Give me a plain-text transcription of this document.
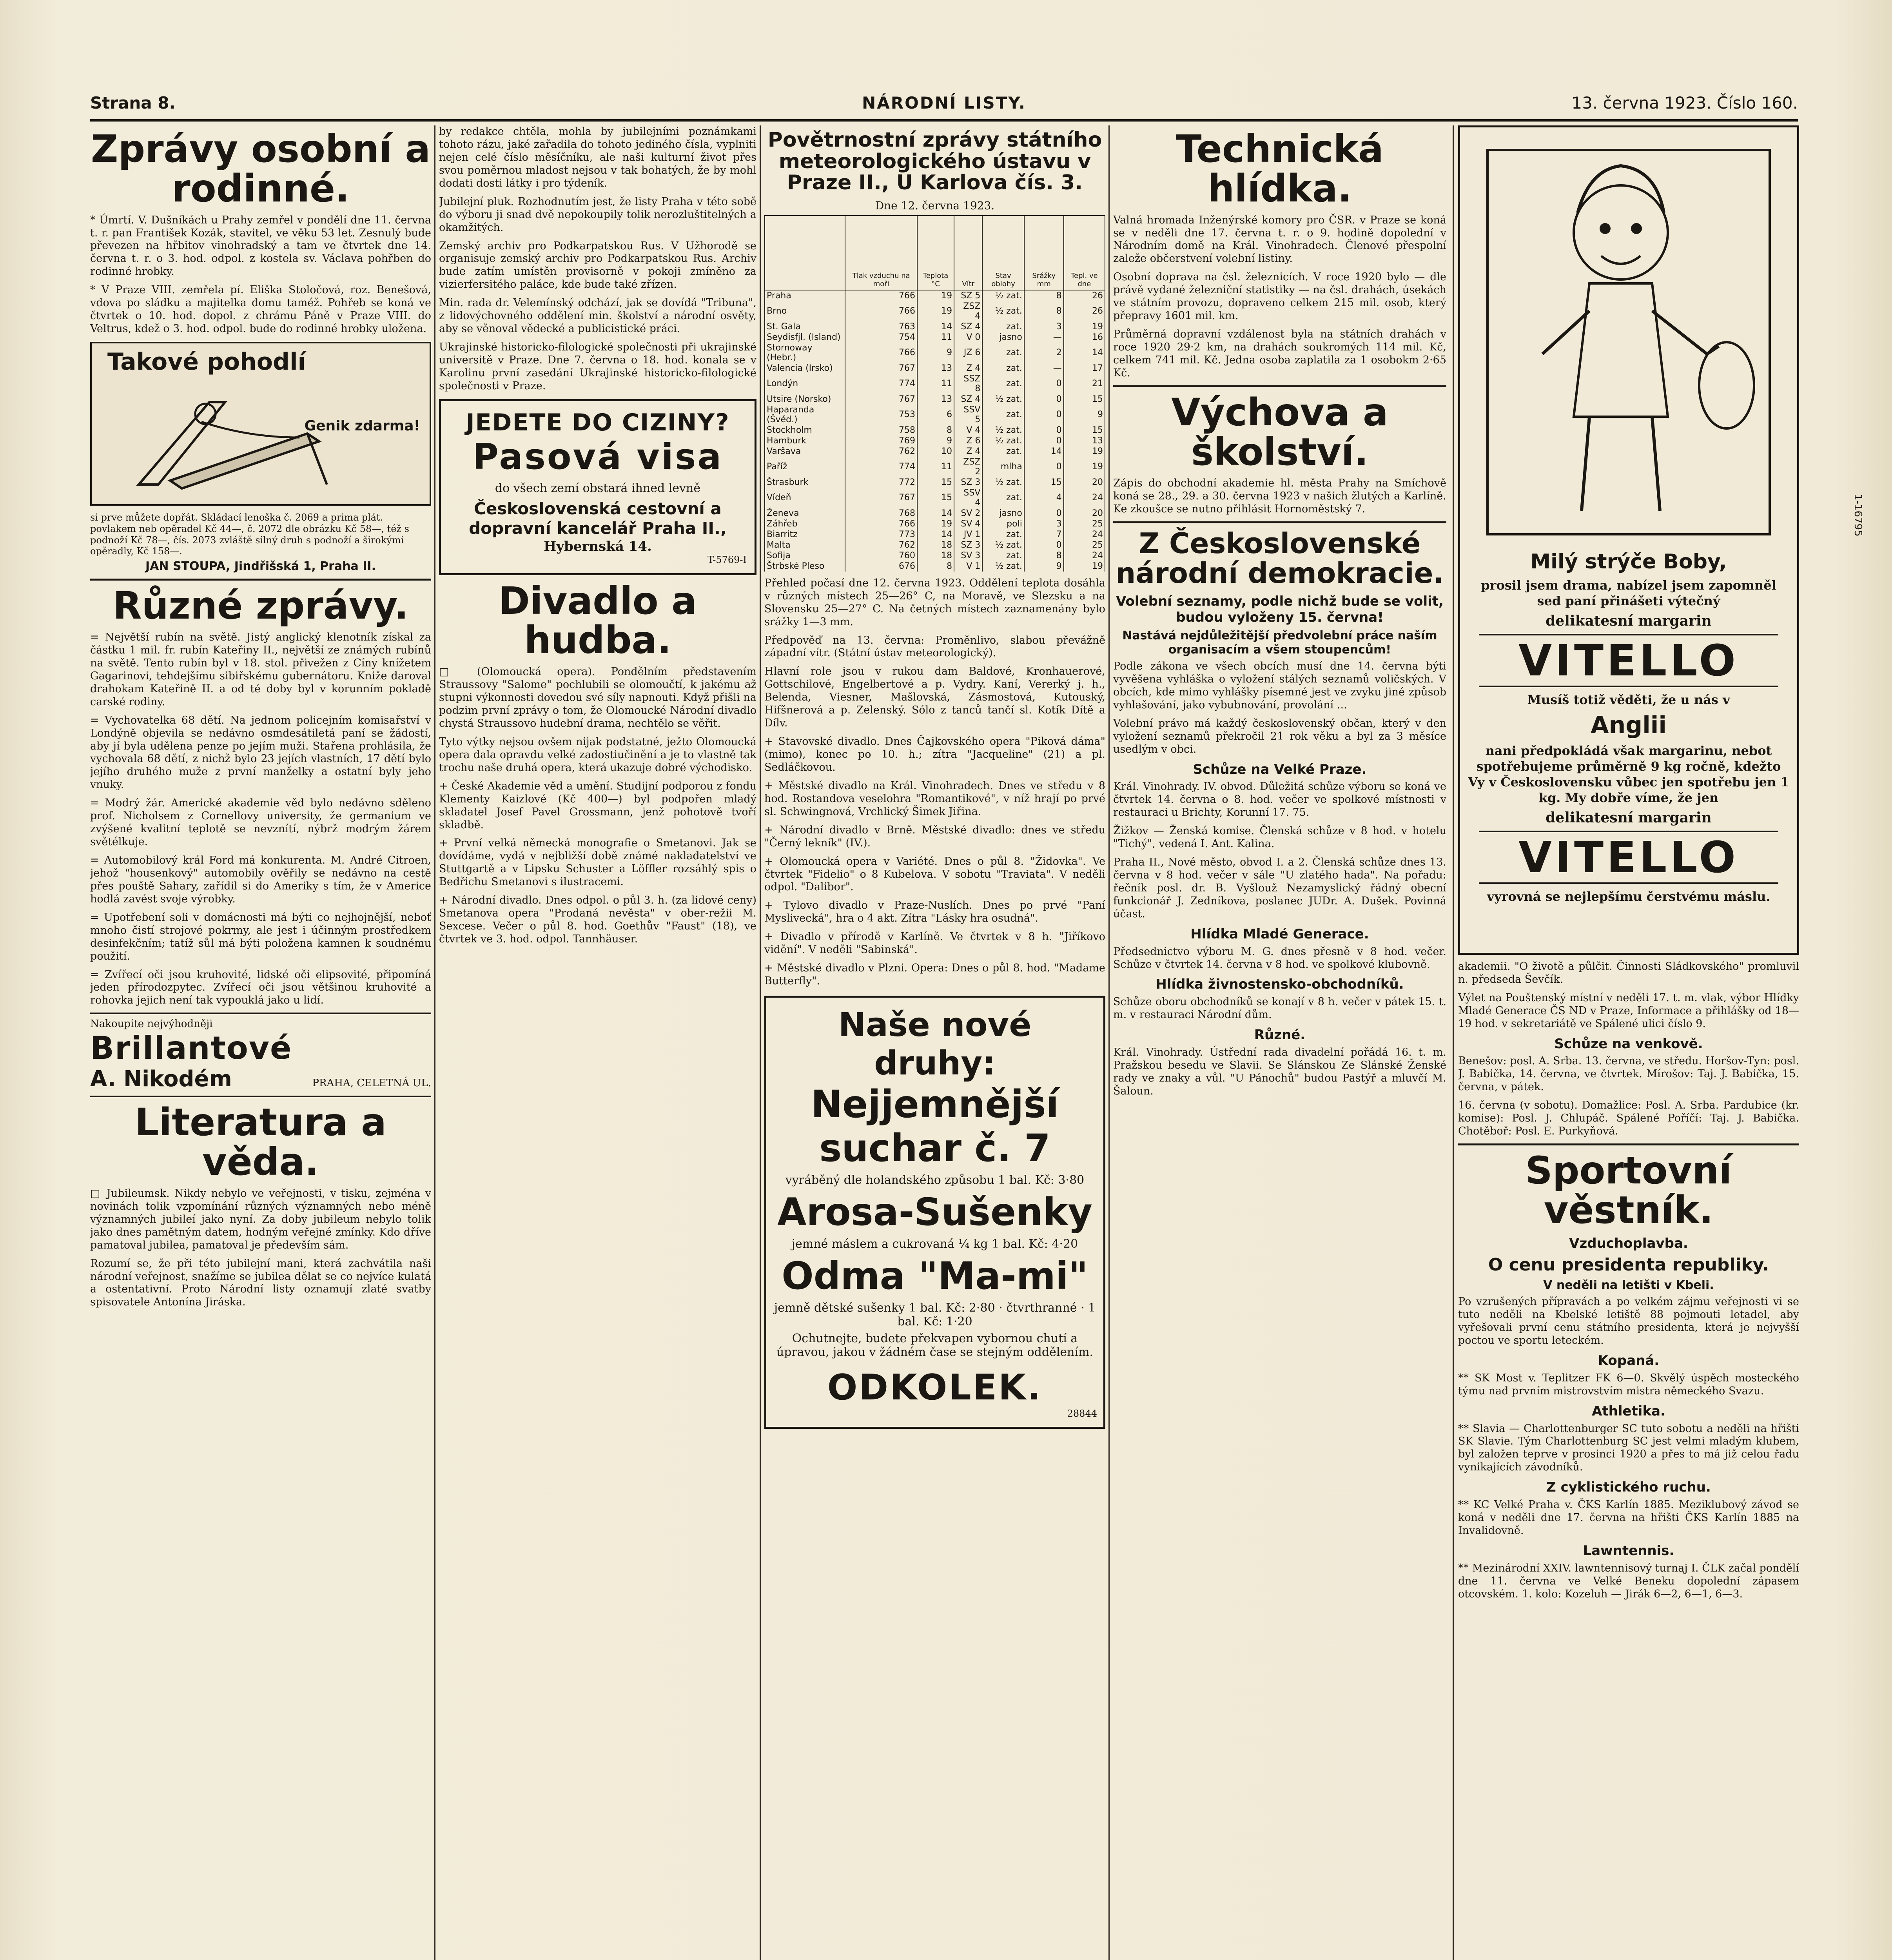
Strana 8.	NÁRODNÍ LISTY.	13. června 1923. Číslo 160.
Zprávy osobní a rodinné.

* Úmrtí. V. Dušníkách u Prahy zemřel v pondělí dne 11. června t. r. pan František Kozák, stavitel, ve věku 53 let. Zesnulý bude převezen na hřbitov vinohradský a tam ve čtvrtek dne 14. června t. r. o 3. hod. odpol. z kostela sv. Václava pohřben do rodinné hrobky.

* V Praze VIII. zemřela pí. Eliška Stoločová, roz. Benešová, vdova po sládku a majitelka domu taméž. Pohřeb se koná ve čtvrtek o 10. hod. dopol. z chrámu Páně v Praze VIII. do Veltrus, kdež o 3. hod. odpol. bude do rodinné hrobky uložena.

Takové pohodlí
Genik zdarma!

si prve můžete dopřát. Skládací lenoška č. 2069 a prima plát. povlakem neb opěradel Kč 44—, č. 2072 dle obrázku Kč 58—, též s podnoží Kč 78—, čís. 2073 zvláště silný druh s podnoží a širokými opěradly, Kč 158—.

JAN STOUPA, Jindřišská 1, Praha II.
Různé zprávy.

= Největší rubín na světě. Jistý anglický klenotník získal za částku 1 mil. fr. rubín Kateřiny II., největší ze známých rubínů na světě. Tento rubín byl v 18. stol. přivežen z Cíny knížetem Gagarinovi, tehdejšímu sibiřskému gubernátoru. Kniže daroval drahokam Kateřině II. a od té doby byl v korunním pokladě carské rodiny.

= Vychovatelka 68 dětí. Na jednom policejním komisařství v Londýně objevila se nedávno osmdesátiletá paní se žádostí, aby jí byla udělena penze po jejím muži. Stařena prohlásila, že vychovala 68 dětí, z nichž bylo 23 jejích vlastních, 17 dětí bylo jejího druhého muže z první manželky a ostatní byly jeho vnuky.

= Modrý žár. Americké akademie věd bylo nedávno sděleno prof. Nicholsem z Cornellovy university, že germanium ve zvýšené kvalitní teplotě se nevznítí, nýbrž modrým žárem světélkuje.

= Automobilový král Ford má konkurenta. M. André Citroen, jehož "housenkový" automobily ověřily se nedávno na cestě přes pouště Sahary, zařídil si do Ameriky s tím, že v Americe hodlá zavést svoje výrobky.

= Upotřebení soli v domácnosti má býti co nejhojnější, neboť mnoho čistí strojové pokrmy, ale jest i účinným prostředkem desinfekčním; tatíž sůl má býti položena kamnen k soudnému použití.

= Zvířecí oči jsou kruhovité, lidské oči elipsovité, připomíná jeden přírodozpytec. Zvířecí oči jsou většinou kruhovité a rohovka jejich není tak vypouklá jako u lidí.

Nakoupíte nejvýhodněji
Brillantové
A. Nikodém	PRAHA, CELETNÁ UL.
Literatura a věda.

□ Jubileumsk. Nikdy nebylo ve veřejnosti, v tisku, zejména v novinách tolik vzpomínání různých významných nebo méně významných jubileí jako nyní. Za doby jubileum nebylo tolik jako dnes pamětným datem, hodným veřejné zmínky. Kdo dříve pamatoval jubilea, pamatoval je především sám.

Rozumí se, že při této jubilejní mani, která zachvátila naši národní veřejnost, snažíme se jubilea dělat se co nejvíce kulatá a ostentativní. Proto Národní listy oznamují zlaté svatby spisovatele Antonína Jiráska.

by redakce chtěla, mohla by jubilejními poznámkami tohoto rázu, jaké zařadila do tohoto jediného čísla, vyplniti nejen celé číslo měsíčníku, ale naši kulturní život přes svou poměrnou mladost nejsou v tak bohatých, že by mohl dodati dosti látky i pro týdeník.

Jubilejní pluk. Rozhodnutím jest, že listy Praha v této sobě do výboru ji snad dvě nepokoupily tolik nerozluštitelných a okamžitých.

Zemský archiv pro Podkarpatskou Rus. V Užhorodě se organisuje zemský archiv pro Podkarpatskou Rus. Archiv bude zatím umístěn provisorně v pokoji zmíněno za vizierfersitého paláce, kde bude také zřízen.

Min. rada dr. Velemínský odchází, jak se dovídá "Tribuna", z lidovýchovného oddělení min. školství a národní osvěty, aby se věnoval vědecké a publicistické práci.

Ukrajinské historicko-filologické společnosti při ukrajinské universitě v Praze. Dne 7. června o 18. hod. konala se v Karolinu první zasedání Ukrajinské historicko-filologické společnosti v Praze.

JEDETE DO CIZINY?
Pasová visa
do všech zemí obstará ihned levně
Československá cestovní a dopravní kancelář Praha II.,
Hybernská 14.
T-5769-I
Divadlo a hudba.

□ (Olomoucká opera). Pondělním představením Straussovy "Salome" pochlubili se olomoučtí, k jakému až stupni výkonnosti dovedou své síly napnouti. Když přišli na podzim první zprávy o tom, že Olomoucké Národní divadlo chystá Straussovo hudební drama, nechtělo se věřit.

Tyto výtky nejsou ovšem nijak podstatné, ježto Olomoucká opera dala opravdu velké zadostiučinění a je to vlastně tak trochu naše druhá opera, která ukazuje dobré východisko.

+ České Akademie věd a umění. Studijní podporou z fondu Klementy Kaizlové (Kč 400—) byl podpořen mladý skladatel Josef Pavel Grossmann, jenž pohotově tvoří skladbě.

+ První velká německá monografie o Smetanovi. Jak se dovídáme, vydá v nejbližší době známé nakladatelství ve Stuttgartě a v Lipsku Schuster a Löffler rozsáhlý spis o Bedřichu Smetanovi s ilustracemi.

+ Národní divadlo. Dnes odpol. o půl 3. h. (za lidové ceny) Smetanova opera "Prodaná nevěsta" v ober-režii M. Sexcese. Večer o půl 8. hod. Goethův "Faust" (18), ve čtvrtek ve 3. hod. odpol. Tannhäuser.

Povětrnostní zprávy státního meteorologického ústavu v Praze II., U Karlova čís. 3.
Dne 12. června 1923.
	Tlak vzduchu na moři	Teplota °C	Vítr	Stav oblohy	Srážky mm	Tepl. ve dne
Praha	766	19	SZ 5	½ zat.	8	26
Brno	766	19	ZSZ 4	½ zat.	8	26
St. Gala	763	14	SZ 4	zat.	3	19
Seydisfjl. (Island)	754	11	V 0	jasno	—	16
Stornoway (Hebr.)	766	9	JZ 6	zat.	2	14
Valencia (Irsko)	767	13	Z 4	zat.	—	17
Londýn	774	11	SSZ 8	zat.	0	21
Utsire (Norsko)	767	13	SZ 4	½ zat.	0	15
Haparanda (Švéd.)	753	6	SSV 5	zat.	0	9
Stockholm	758	8	V 4	½ zat.	0	15
Hamburk	769	9	Z 6	½ zat.	0	13
Varšava	762	10	Z 4	zat.	14	19
Paříž	774	11	ZSZ 2	mlha	0	19
Štrasburk	772	15	SZ 3	½ zat.	15	20
Vídeň	767	15	SSV 4	zat.	4	24
Ženeva	768	14	SV 2	jasno	0	20
Záhřeb	766	19	SV 4	poli	3	25
Biarritz	773	14	JV 1	zat.	7	24
Malta	762	18	SZ 3	½ zat.	0	25
Sofija	760	18	SV 3	zat.	8	24
Štrbské Pleso	676	8	V 1	½ zat.	9	19

Přehled počasí dne 12. června 1923. Oddělení teplota dosáhla v různých místech 25—26° C, na Moravě, ve Slezsku a na Slovensku 25—27° C. Na četných místech zaznamenány bylo srážky 1—3 mm.

Předpověď na 13. června: Proměnlivo, slabou převážně západní vítr. (Státní ústav meteorologický).

Hlavní role jsou v rukou dam Baldové, Kronhauerové, Gottschilové, Engelbertové a p. Vydry. Kaní, Vererký j. h., Belenda, Viesner, Mašlovská, Zásmostová, Kutouský, Hifšnerová a p. Zelenský. Sólo z tanců tančí sl. Kotík Dítě a Dílv.

+ Stavovské divadlo. Dnes Čajkovského opera "Piková dáma" (mimo), konec po 10. h.; zítra "Jacqueline" (21) a pl. Sedláčkovou.

+ Městské divadlo na Král. Vinohradech. Dnes ve středu v 8 hod. Rostandova veselohra "Romantikové", v níž hrají po prvé sl. Schwingnová, Vrchlický Šimek Jiřina.

+ Národní divadlo v Brně. Městské divadlo: dnes ve středu "Černý lekník" (IV.).

+ Olomoucká opera v Variété. Dnes o půl 8. "Židovka". Ve čtvrtek "Fidelio" o 8 Kubelova. V sobotu "Traviata". V neděli odpol. "Dalibor".

+ Tylovo divadlo v Praze-Nuslích. Dnes po prvé "Paní Myslivecká", hra o 4 akt. Zítra "Lásky hra osudná".

+ Divadlo v přírodě v Karlíně. Ve čtvrtek v 8 h. "Jiříkovo vidění". V neděli "Sabinská".

+ Městské divadlo v Plzni. Opera: Dnes o půl 8. hod. "Madame Butterfly".

Naše nové druhy:
Nejjemnější suchar č. 7
vyráběný dle holandského způsobu 1 bal. Kč: 3·80
Arosa-Sušenky
jemné máslem a cukrovaná ¼ kg 1 bal. Kč: 4·20
Odma "Ma-mi"
jemně dětské sušenky 1 bal. Kč: 2·80 · čtvrthranné · 1 bal. Kč: 1·20
Ochutnejte, budete překvapen vybornou chutí a úpravou, jakou v žádném čase se stejným oddělením.
ODKOLEK.
28844
Technická hlídka.

Valná hromada Inženýrské komory pro ČSR. v Praze se koná se v neděli dne 17. června t. r. o 9. hodině dopolední v Národním domě na Král. Vinohradech. Členové přespolní zaleže občerstvení volební listiny.

Osobní doprava na čsl. železnicích. V roce 1920 bylo — dle právě vydané železniční statistiky — na čsl. drahách, úsekách ve státním provozu, dopraveno celkem 215 mil. osob, který přepravy 1601 mil. km.

Průměrná dopravní vzdálenost byla na státních drahách v roce 1920 29·2 km, na drahách soukromých 114 mil. Kč, celkem 741 mil. Kč. Jedna osoba zaplatila za 1 osobokm 2·65 Kč.

Výchova a školství.

Zápis do obchodní akademie hl. města Prahy na Smíchově koná se 28., 29. a 30. června 1923 v našich žlutých a Karlíně. Ke zkoušce se nutno přihlásit Hornoměstský 7.

Z Československé národní demokracie.

Volební seznamy, podle nichž bude se volit, budou vyloženy 15. června!

Nastává nejdůležitější předvolební práce naším organisacím a všem stoupencům!

Podle zákona ve všech obcích musí dne 14. června býti vyvěšena vyhláška o vyložení stálých seznamů voličských. V obcích, kde mimo vyhlášky písemné jest ve zvyku jiné způsob vyhlašování, jako vybubnování, provolání ...

Volební právo má každý československý občan, který v den vyložení seznamů překročil 21 rok věku a byl za 3 měsíce usedlým v obci.

Schůze na Velké Praze.

Král. Vinohrady. IV. obvod. Důležitá schůze výboru se koná ve čtvrtek 14. června o 8. hod. večer ve spolkové místnosti v restauraci u Brichty, Korunní 17. 75.

Žižkov — Ženská komise. Členská schůze v 8 hod. v hotelu "Tichý", vedená I. Ant. Kalina.

Praha II., Nové město, obvod I. a 2. Členská schůze dnes 13. června v 8 hod. večer v sále "U zlatého hada". Na pořadu: řečník posl. dr. B. Vyšlouž Nezamyslický řádný obecní funkcionář J. Zedníkova, poslanec JUDr. A. Dušek. Povinná účast.

Hlídka Mladé Generace.

Předsednictvo výboru M. G. dnes přesně v 8 hod. večer. Schůze v čtvrtek 14. června v 8 hod. ve spolkové klubovně.

Hlídka živnostensko-obchodníků.

Schůze oboru obchodníků se konají v 8 h. večer v pátek 15. t. m. v restauraci Národní dům.

Různé.

Král. Vinohrady. Ústřední rada divadelní pořádá 16. t. m. Pražskou besedu ve Slavii. Se Slánskou Ze Slánské Ženské rady ve znaky a vůl. "U Pánochů" budou Pastýř a mluvčí M. Šaloun.

Milý strýče Boby,
prosil jsem drama, nabízel jsem zapomněl sed paní přinášeti výtečný
delikatesní margarin
VITELLO
Musíš totiž věděti, že u nás v
Anglii
nani předpokládá však margarinu, nebot spotřebujeme průměrně 9 kg ročně, kdežto Vy v Československu vůbec jen spotřebu jen 1 kg. My dobře víme, že jen
delikatesní margarin
VITELLO
vyrovná se nejlepšímu čerstvému máslu.

akademii. "O životě a půlčit. Činnosti Sládkovského" promluvil n. předseda Ševčík.

Výlet na Pouštenský místní v neděli 17. t. m. vlak, výbor Hlídky Mladé Generace ČS ND v Praze, Informace a přihlášky od 18—19 hod. v sekretariátě ve Spálené ulici číslo 9.

Schůze na venkově.

Benešov: posl. A. Srba. 13. června, ve středu. Horšov-Tyn: posl. J. Babička, 14. června, ve čtvrtek. Mírošov: Taj. J. Babička, 15. června, v pátek.

16. června (v sobotu). Domažlice: Posl. A. Srba. Pardubice (kr. komise): Posl. J. Chlupáč. Spálené Poříčí: Taj. J. Babička. Chotěboř: Posl. E. Purkyňová.

Sportovní věstník.

Vzduchoplavba.

O cenu presidenta republiky.

V neděli na letišti v Kbeli.

Po vzrušených přípravách a po velkém zájmu veřejnosti vi se tuto neděli na Kbelské letiště 88 pojmouti letadel, aby vyřešovali první cenu státního presidenta, která je nejvyšší poctou ve sportu leteckém.

Kopaná.

** SK Most v. Teplitzer FK 6—0. Skvělý úspěch mosteckého týmu nad prvním mistrovstvím mistra německého Svazu.

Athletika.

** Slavia — Charlottenburger SC tuto sobotu a neděli na hřišti SK Slavie. Tým Charlottenburg SC jest velmi mladým klubem, byl založen teprve v prosinci 1920 a přes to má již celou řadu vynikajících závodníků.

Z cyklistického ruchu.

** KC Velké Praha v. ČKS Karlín 1885. Meziklubový závod se koná v neděli dne 17. června na hřišti ČKS Karlín 1885 na Invalidovně.

Lawntennis.

** Mezinárodní XXIV. lawntennisový turnaj I. ČLK začal pondělí dne 11. června ve Velké Beneku dopolední zápasem otcovském. 1. kolo: Kozeluh — Jirák 6—2, 6—1, 6—3.

1-16795
